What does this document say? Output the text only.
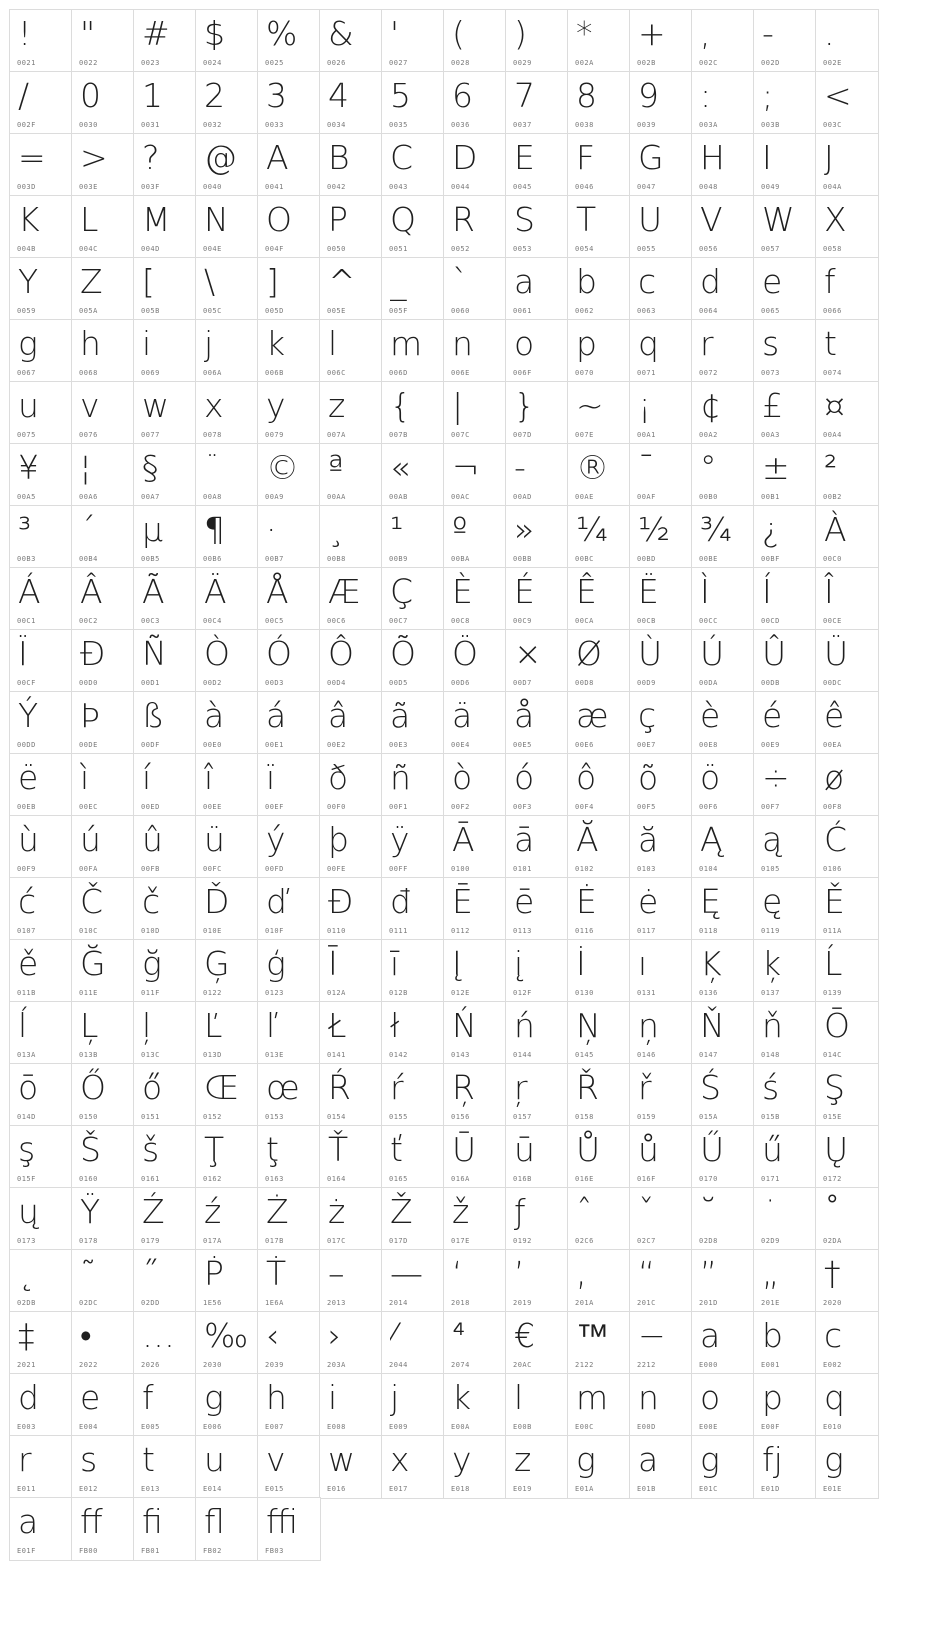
!
0021
"
0022
#
0023
$
0024
%
0025
&
0026
'
0027
(
0028
)
0029
*
002A
+
002B
,
002C
-
002D
.
002E
/
002F
0
0030
1
0031
2
0032
3
0033
4
0034
5
0035
6
0036
7
0037
8
0038
9
0039
:
003A
;
003B
<
003C
=
003D
>
003E
?
003F
@
0040
A
0041
B
0042
C
0043
D
0044
E
0045
F
0046
G
0047
H
0048
I
0049
J
004A
K
004B
L
004C
M
004D
N
004E
O
004F
P
0050
Q
0051
R
0052
S
0053
T
0054
U
0055
V
0056
W
0057
X
0058
Y
0059
Z
005A
[
005B
\
005C
]
005D
^
005E
_
005F
`
0060
a
0061
b
0062
c
0063
d
0064
e
0065
f
0066
g
0067
h
0068
i
0069
j
006A
k
006B
l
006C
m
006D
n
006E
o
006F
p
0070
q
0071
r
0072
s
0073
t
0074
u
0075
v
0076
w
0077
x
0078
y
0079
z
007A
{
007B
|
007C
}
007D
~
007E
¡
00A1
¢
00A2
£
00A3
¤
00A4
¥
00A5
¦
00A6
§
00A7
¨
00A8
©
00A9
ª
00AA
«
00AB
¬
00AC
-
00AD
®
00AE
¯
00AF
°
00B0
±
00B1
²
00B2
³
00B3
´
00B4
µ
00B5
¶
00B6
·
00B7
¸
00B8
¹
00B9
º
00BA
»
00BB
¼
00BC
½
00BD
¾
00BE
¿
00BF
À
00C0
Á
00C1
Â
00C2
Ã
00C3
Ä
00C4
Å
00C5
Æ
00C6
Ç
00C7
È
00C8
É
00C9
Ê
00CA
Ë
00CB
Ì
00CC
Í
00CD
Î
00CE
Ï
00CF
Ð
00D0
Ñ
00D1
Ò
00D2
Ó
00D3
Ô
00D4
Õ
00D5
Ö
00D6
×
00D7
Ø
00D8
Ù
00D9
Ú
00DA
Û
00DB
Ü
00DC
Ý
00DD
Þ
00DE
ß
00DF
à
00E0
á
00E1
â
00E2
ã
00E3
ä
00E4
å
00E5
æ
00E6
ç
00E7
è
00E8
é
00E9
ê
00EA
ë
00EB
ì
00EC
í
00ED
î
00EE
ï
00EF
ð
00F0
ñ
00F1
ò
00F2
ó
00F3
ô
00F4
õ
00F5
ö
00F6
÷
00F7
ø
00F8
ù
00F9
ú
00FA
û
00FB
ü
00FC
ý
00FD
þ
00FE
ÿ
00FF
Ā
0100
ā
0101
Ă
0102
ă
0103
Ą
0104
ą
0105
Ć
0106
ć
0107
Č
010C
č
010D
Ď
010E
ď
010F
Đ
0110
đ
0111
Ē
0112
ē
0113
Ė
0116
ė
0117
Ę
0118
ę
0119
Ě
011A
ě
011B
Ğ
011E
ğ
011F
Ģ
0122
ģ
0123
Ī
012A
ī
012B
Į
012E
į
012F
İ
0130
ı
0131
Ķ
0136
ķ
0137
Ĺ
0139
ĺ
013A
Ļ
013B
ļ
013C
Ľ
013D
ľ
013E
Ł
0141
ł
0142
Ń
0143
ń
0144
Ņ
0145
ņ
0146
Ň
0147
ň
0148
Ō
014C
ō
014D
Ő
0150
ő
0151
Œ
0152
œ
0153
Ŕ
0154
ŕ
0155
Ŗ
0156
ŗ
0157
Ř
0158
ř
0159
Ś
015A
ś
015B
Ş
015E
ş
015F
Š
0160
š
0161
Ţ
0162
ţ
0163
Ť
0164
ť
0165
Ū
016A
ū
016B
Ů
016E
ů
016F
Ű
0170
ű
0171
Ų
0172
ų
0173
Ÿ
0178
Ź
0179
ź
017A
Ż
017B
ż
017C
Ž
017D
ž
017E
ƒ
0192
ˆ
02C6
ˇ
02C7
˘
02D8
˙
02D9
˚
02DA
˛
02DB
˜
02DC
˝
02DD
Ṗ
1E56
Ṫ
1E6A
–
2013
—
2014
‘
2018
’
2019
‚
201A
“
201C
”
201D
„
201E
†
2020
‡
2021
•
2022
…
2026
‰
2030
‹
2039
›
203A
⁄
2044
⁴
2074
€
20AC
™
2122
−
2212
a
E000
b
E001
c
E002
d
E003
e
E004
f
E005
g
E006
h
E007
i
E008
j
E009
k
E00A
l
E00B
m
E00C
n
E00D
o
E00E
p
E00F
q
E010
r
E011
s
E012
t
E013
u
E014
v
E015
w
E016
x
E017
y
E018
z
E019
g
E01A
a
E01B
g
E01C
fj
E01D
g
E01E
a
E01F
ﬀ
FB00
ﬁ
FB01
ﬂ
FB02
ﬃ
FB03
